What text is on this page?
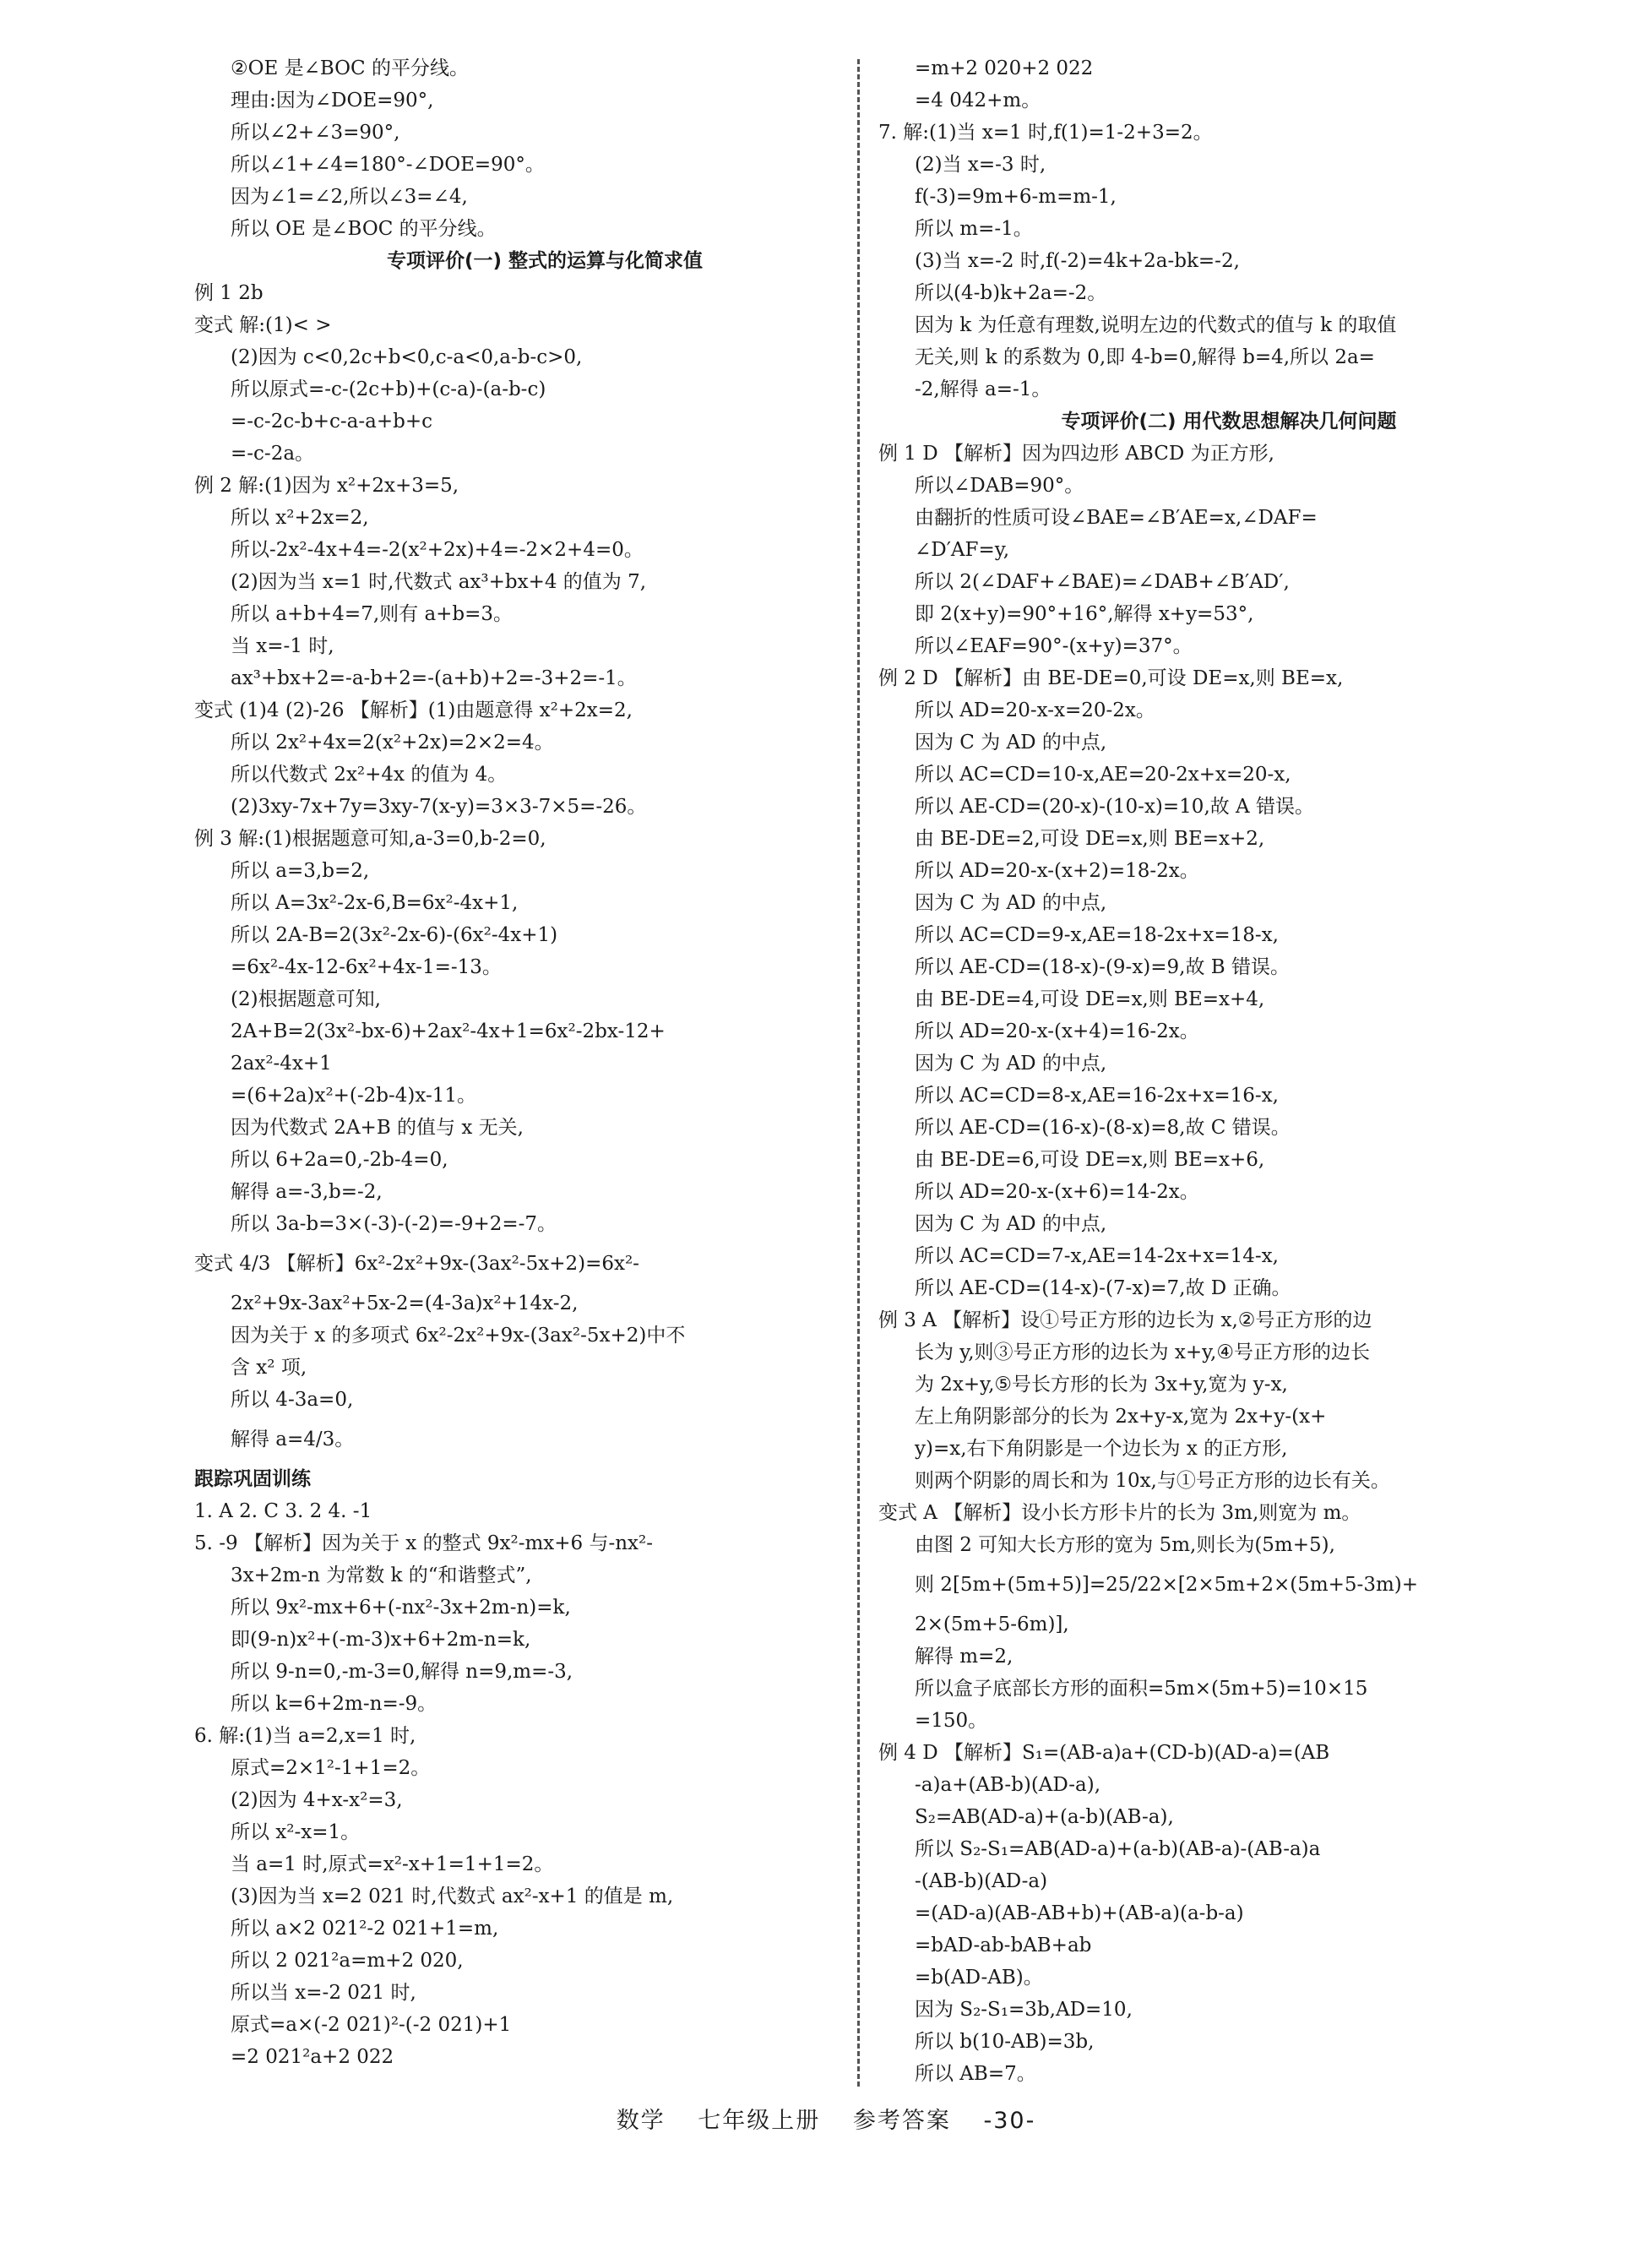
②OE 是∠BOC 的平分线。
理由:因为∠DOE=90°,
所以∠2+∠3=90°,
所以∠1+∠4=180°-∠DOE=90°。
因为∠1=∠2,所以∠3=∠4,
所以 OE 是∠BOC 的平分线。
专项评价(一) 整式的运算与化简求值
例 1 2b
变式 解:(1)< >
(2)因为 c<0,2c+b<0,c-a<0,a-b-c>0,
所以原式=-c-(2c+b)+(c-a)-(a-b-c)
=-c-2c-b+c-a-a+b+c
=-c-2a。
例 2 解:(1)因为 x²+2x+3=5,
所以 x²+2x=2,
所以-2x²-4x+4=-2(x²+2x)+4=-2×2+4=0。
(2)因为当 x=1 时,代数式 ax³+bx+4 的值为 7,
所以 a+b+4=7,则有 a+b=3。
当 x=-1 时,
ax³+bx+2=-a-b+2=-(a+b)+2=-3+2=-1。
变式 (1)4 (2)-26 【解析】(1)由题意得 x²+2x=2,
所以 2x²+4x=2(x²+2x)=2×2=4。
所以代数式 2x²+4x 的值为 4。
(2)3xy-7x+7y=3xy-7(x-y)=3×3-7×5=-26。
例 3 解:(1)根据题意可知,a-3=0,b-2=0,
所以 a=3,b=2,
所以 A=3x²-2x-6,B=6x²-4x+1,
所以 2A-B=2(3x²-2x-6)-(6x²-4x+1)
=6x²-4x-12-6x²+4x-1=-13。
(2)根据题意可知,
2A+B=2(3x²-bx-6)+2ax²-4x+1=6x²-2bx-12+
2ax²-4x+1
=(6+2a)x²+(-2b-4)x-11。
因为代数式 2A+B 的值与 x 无关,
所以 6+2a=0,-2b-4=0,
解得 a=-3,b=-2,
所以 3a-b=3×(-3)-(-2)=-9+2=-7。
变式 4/3 【解析】6x²-2x²+9x-(3ax²-5x+2)=6x²-
2x²+9x-3ax²+5x-2=(4-3a)x²+14x-2,
因为关于 x 的多项式 6x²-2x²+9x-(3ax²-5x+2)中不
含 x² 项,
所以 4-3a=0,
解得 a=4/3。
跟踪巩固训练
1. A 2. C 3. 2 4. -1
5. -9 【解析】因为关于 x 的整式 9x²-mx+6 与-nx²-
3x+2m-n 为常数 k 的“和谐整式”,
所以 9x²-mx+6+(-nx²-3x+2m-n)=k,
即(9-n)x²+(-m-3)x+6+2m-n=k,
所以 9-n=0,-m-3=0,解得 n=9,m=-3,
所以 k=6+2m-n=-9。
6. 解:(1)当 a=2,x=1 时,
原式=2×1²-1+1=2。
(2)因为 4+x-x²=3,
所以 x²-x=1。
当 a=1 时,原式=x²-x+1=1+1=2。
(3)因为当 x=2 021 时,代数式 ax²-x+1 的值是 m,
所以 a×2 021²-2 021+1=m,
所以 2 021²a=m+2 020,
所以当 x=-2 021 时,
原式=a×(-2 021)²-(-2 021)+1
=2 021²a+2 022
=m+2 020+2 022
=4 042+m。
7. 解:(1)当 x=1 时,f(1)=1-2+3=2。
(2)当 x=-3 时,
f(-3)=9m+6-m=m-1,
所以 m=-1。
(3)当 x=-2 时,f(-2)=4k+2a-bk=-2,
所以(4-b)k+2a=-2。
因为 k 为任意有理数,说明左边的代数式的值与 k 的取值
无关,则 k 的系数为 0,即 4-b=0,解得 b=4,所以 2a=
-2,解得 a=-1。
专项评价(二) 用代数思想解决几何问题
例 1 D 【解析】因为四边形 ABCD 为正方形,
所以∠DAB=90°。
由翻折的性质可设∠BAE=∠B′AE=x,∠DAF=
∠D′AF=y,
所以 2(∠DAF+∠BAE)=∠DAB+∠B′AD′,
即 2(x+y)=90°+16°,解得 x+y=53°,
所以∠EAF=90°-(x+y)=37°。
例 2 D 【解析】由 BE-DE=0,可设 DE=x,则 BE=x,
所以 AD=20-x-x=20-2x。
因为 C 为 AD 的中点,
所以 AC=CD=10-x,AE=20-2x+x=20-x,
所以 AE-CD=(20-x)-(10-x)=10,故 A 错误。
由 BE-DE=2,可设 DE=x,则 BE=x+2,
所以 AD=20-x-(x+2)=18-2x。
因为 C 为 AD 的中点,
所以 AC=CD=9-x,AE=18-2x+x=18-x,
所以 AE-CD=(18-x)-(9-x)=9,故 B 错误。
由 BE-DE=4,可设 DE=x,则 BE=x+4,
所以 AD=20-x-(x+4)=16-2x。
因为 C 为 AD 的中点,
所以 AC=CD=8-x,AE=16-2x+x=16-x,
所以 AE-CD=(16-x)-(8-x)=8,故 C 错误。
由 BE-DE=6,可设 DE=x,则 BE=x+6,
所以 AD=20-x-(x+6)=14-2x。
因为 C 为 AD 的中点,
所以 AC=CD=7-x,AE=14-2x+x=14-x,
所以 AE-CD=(14-x)-(7-x)=7,故 D 正确。
例 3 A 【解析】设①号正方形的边长为 x,②号正方形的边
长为 y,则③号正方形的边长为 x+y,④号正方形的边长
为 2x+y,⑤号长方形的长为 3x+y,宽为 y-x,
左上角阴影部分的长为 2x+y-x,宽为 2x+y-(x+
y)=x,右下角阴影是一个边长为 x 的正方形,
则两个阴影的周长和为 10x,与①号正方形的边长有关。
变式 A 【解析】设小长方形卡片的长为 3m,则宽为 m。
由图 2 可知大长方形的宽为 5m,则长为(5m+5),
则 2[5m+(5m+5)]=25/22×[2×5m+2×(5m+5-3m)+
2×(5m+5-6m)],
解得 m=2,
所以盒子底部长方形的面积=5m×(5m+5)=10×15
=150。
例 4 D 【解析】S₁=(AB-a)a+(CD-b)(AD-a)=(AB
-a)a+(AB-b)(AD-a),
S₂=AB(AD-a)+(a-b)(AB-a),
所以 S₂-S₁=AB(AD-a)+(a-b)(AB-a)-(AB-a)a
-(AB-b)(AD-a)
=(AD-a)(AB-AB+b)+(AB-a)(a-b-a)
=bAD-ab-bAB+ab
=b(AD-AB)。
因为 S₂-S₁=3b,AD=10,
所以 b(10-AB)=3b,
所以 AB=7。
数学 七年级上册 参考答案 -30-
